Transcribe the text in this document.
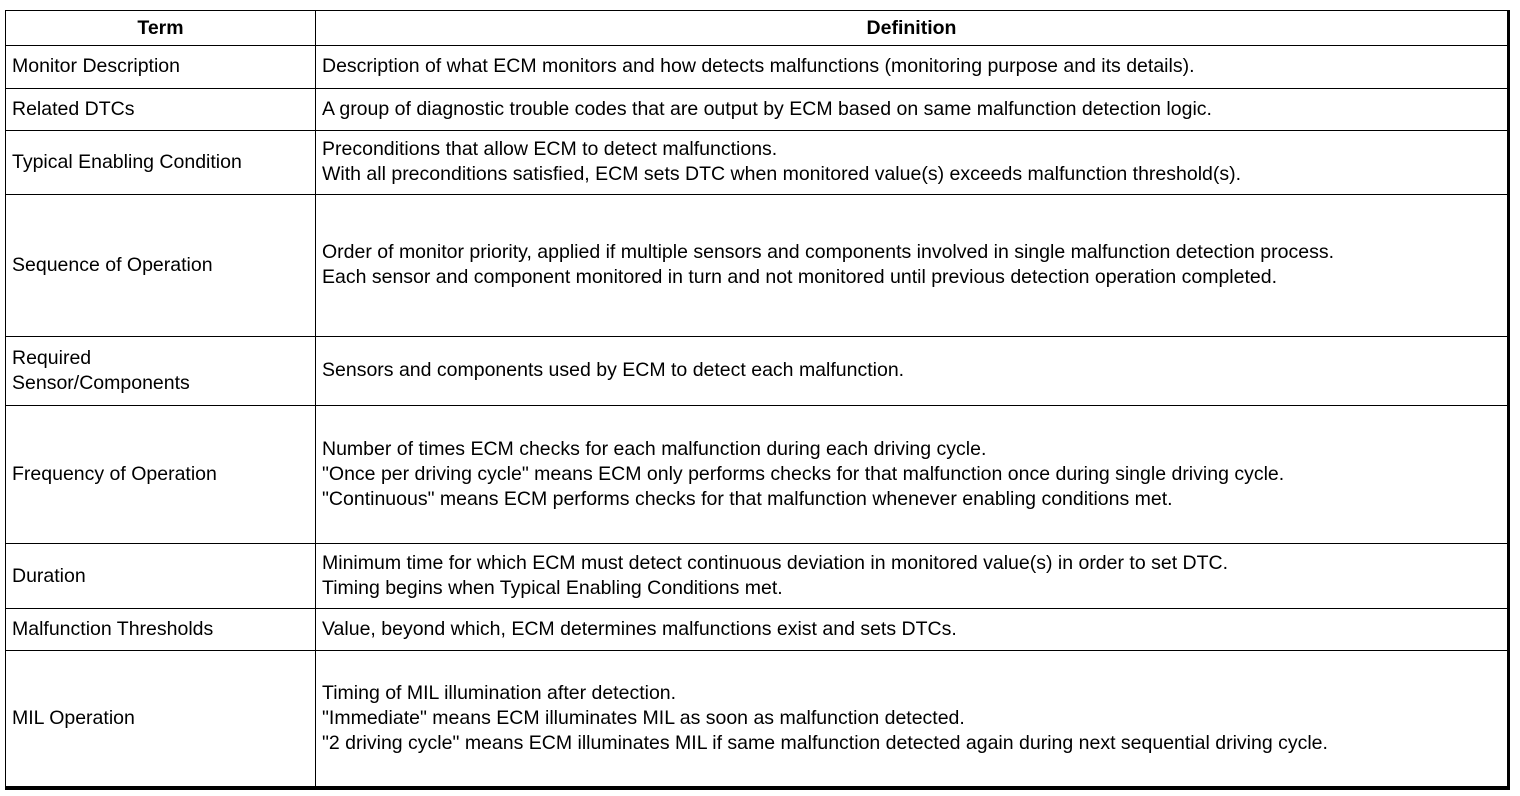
Term	Definition
Monitor Description	Description of what ECM monitors and how detects malfunctions (monitoring purpose and its details).

Related DTCs	A group of diagnostic trouble codes that are output by ECM based on same malfunction detection logic.

Typical Enabling Condition	Preconditions that allow ECM to detect malfunctions.
With all preconditions satisfied, ECM sets DTC when monitored value(s) exceeds malfunction threshold(s).

Sequence of Operation	Order of monitor priority, applied if multiple sensors and components involved in single malfunction detection process.
Each sensor and component monitored in turn and not monitored until previous detection operation completed.

Required Sensor/Components	Sensors and components used by ECM to detect each malfunction.

Frequency of Operation	Number of times ECM checks for each malfunction during each driving cycle.
"Once per driving cycle" means ECM only performs checks for that malfunction once during single driving cycle.
"Continuous" means ECM performs checks for that malfunction whenever enabling conditions met.

Duration	Minimum time for which ECM must detect continuous deviation in monitored value(s) in order to set DTC.
Timing begins when Typical Enabling Conditions met.

Malfunction Thresholds	Value, beyond which, ECM determines malfunctions exist and sets DTCs.

MIL Operation	Timing of MIL illumination after detection.
"Immediate" means ECM illuminates MIL as soon as malfunction detected.
"2 driving cycle" means ECM illuminates MIL if same malfunction detected again during next sequential driving cycle.
